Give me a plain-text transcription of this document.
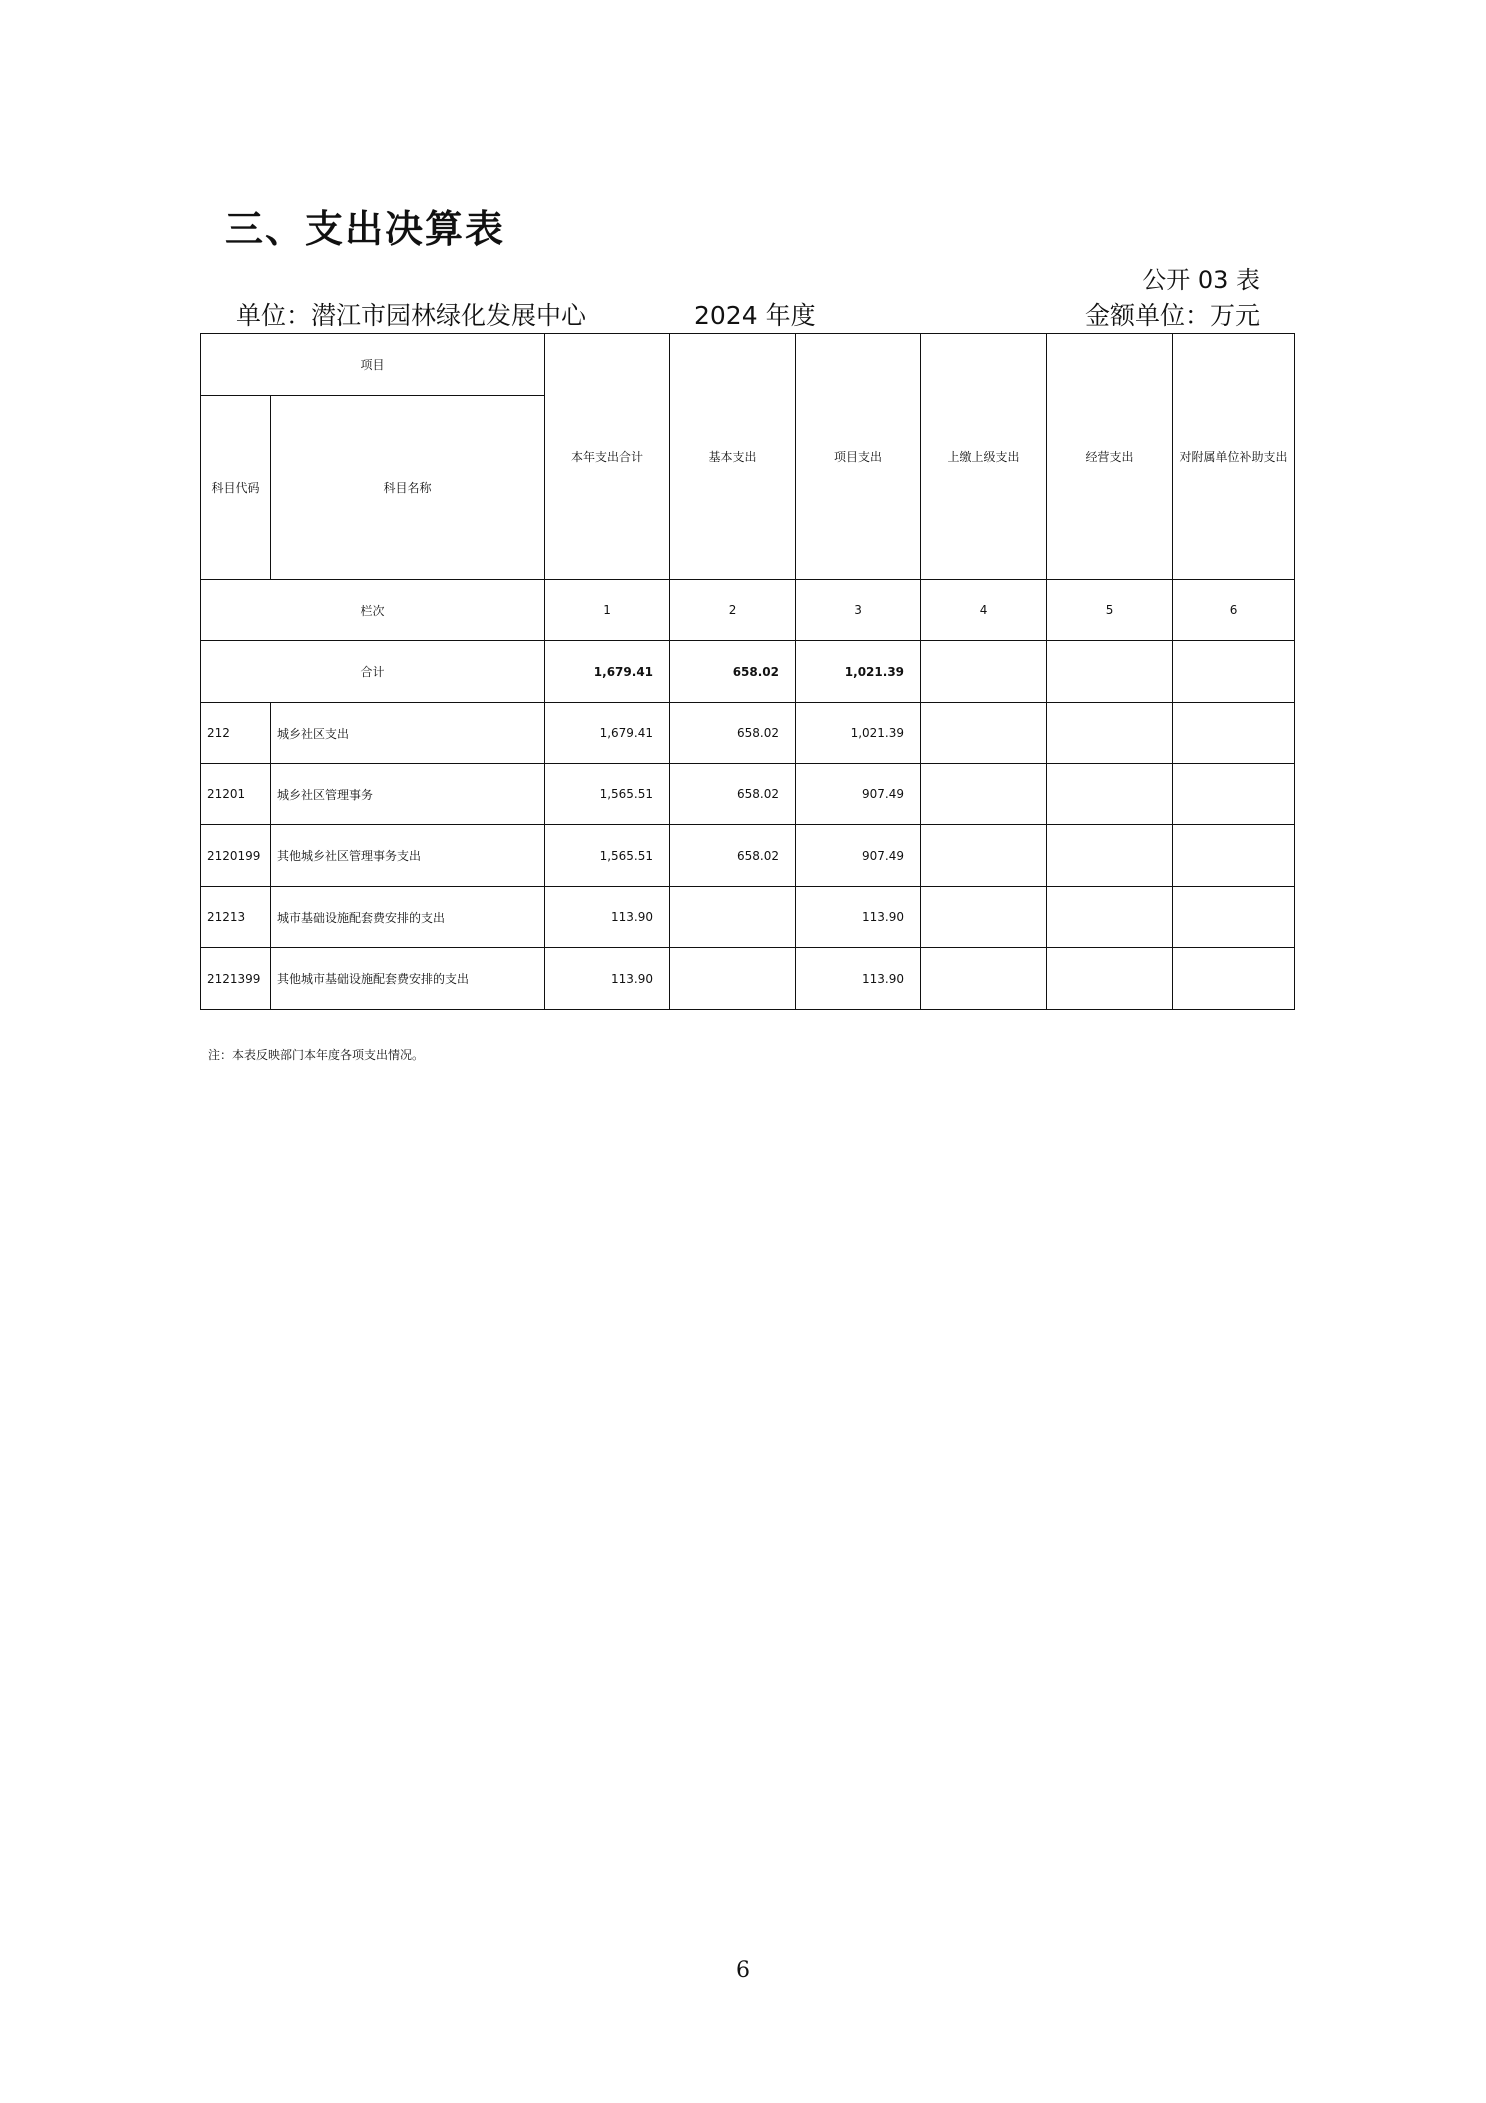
三、支出决算表
公开 03 表
单位：潜江市园林绿化发展中心	2024 年度	金额单位：万元
项目		本年支出合计	基本支出	项目支出	上缴上级支出	经营支出	对附属单位补助支出
科目代码	科目名称						
栏次		1	2	3	4	5	6
合计		1,679.41	658.02	1,021.39			
212	城乡社区支出	1,679.41	658.02	1,021.39			
21201	城乡社区管理事务	1,565.51	658.02	907.49			
2120199	其他城乡社区管理事务支出	1,565.51	658.02	907.49			
21213	城市基础设施配套费安排的支出	113.90		113.90			
2121399	其他城市基础设施配套费安排的支出	113.90		113.90			
注：本表反映部门本年度各项支出情况。
6
